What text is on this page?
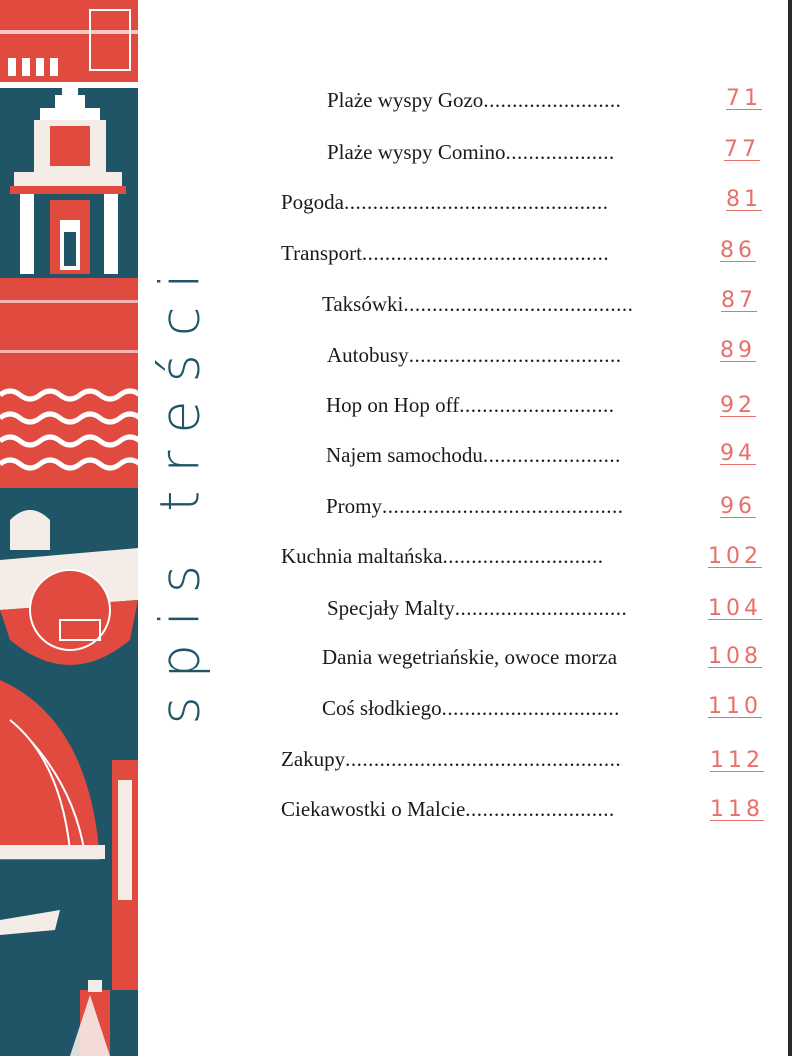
spis treści
Plaże wyspy Gozo ........................	71
Plaże wyspy Comino ...................	77
Pogoda ..............................................	81
Transport ...........................................	86
Taksówki ........................................	87
Autobusy .....................................	89
Hop on Hop off ...........................	92
Najem samochodu ........................	94
Promy ..........................................	96
Kuchnia maltańska ............................	102
Specjały Malty ..............................	104
Dania wegetriańskie, owoce morza	108
Coś słodkiego ...............................	110
Zakupy ................................................	112
Ciekawostki o Malcie ..........................	118
